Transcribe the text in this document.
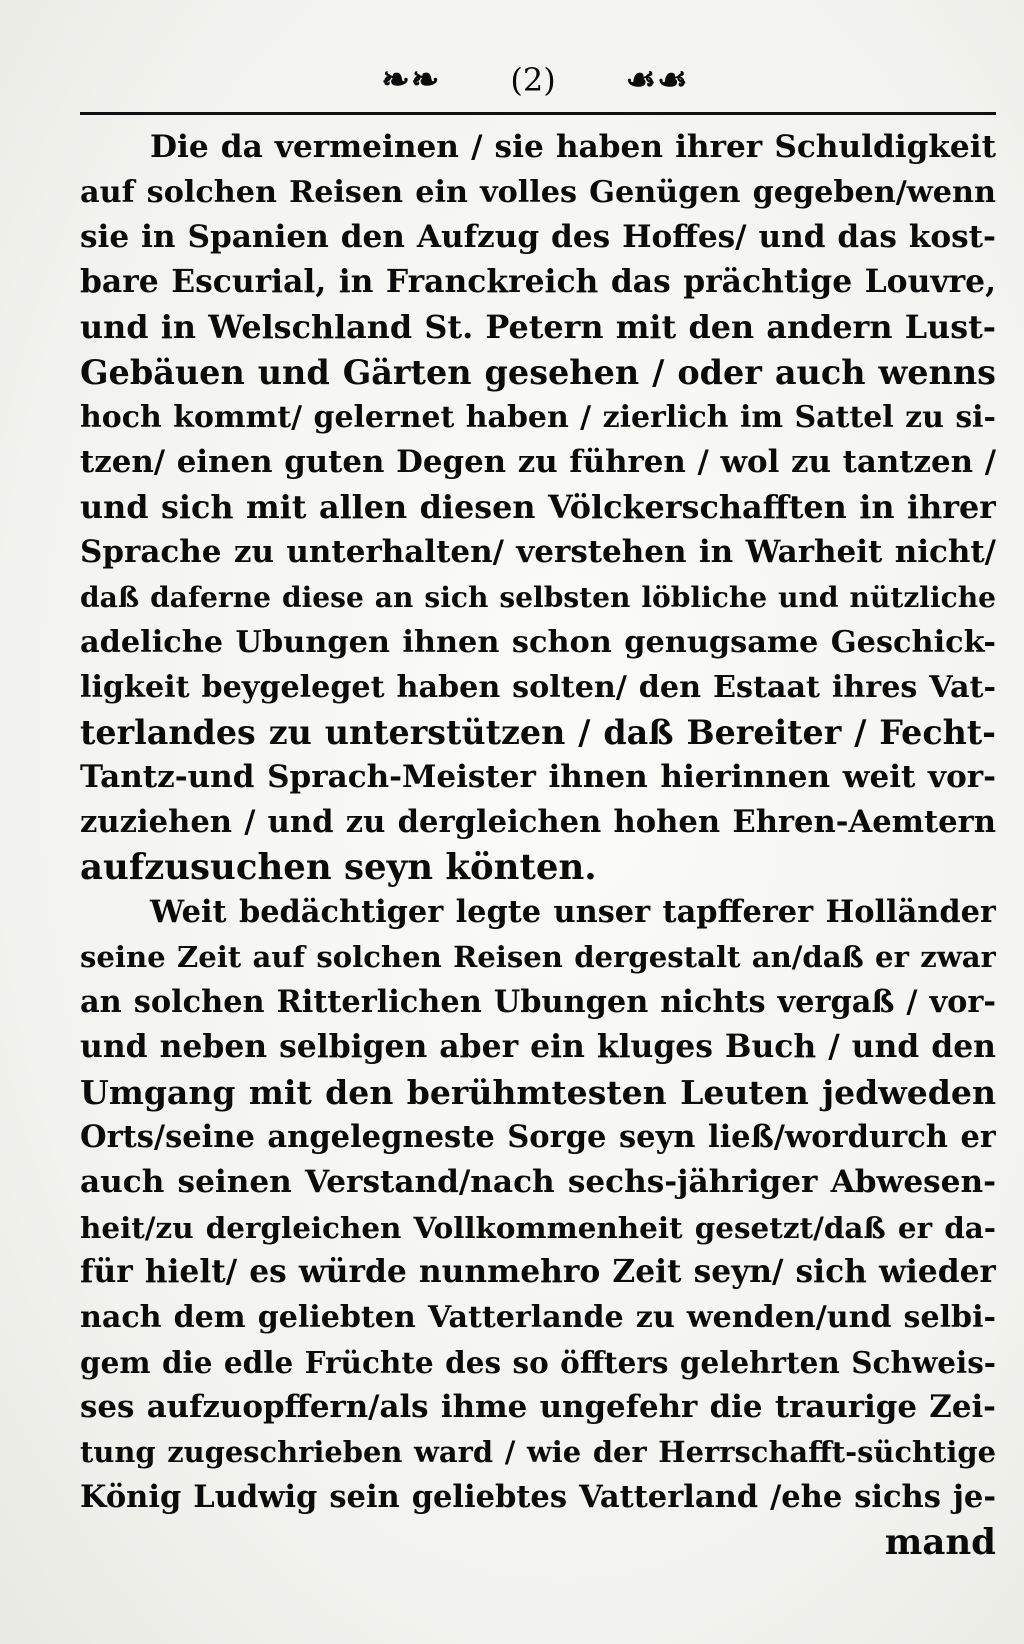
❧❧ (2) ☙☙
Die da vermeinen / sie haben ihrer Schuldigkeit
auf solchen Reisen ein volles Genügen gegeben/wenn
sie in Spanien den Aufzug des Hoffes/ und das kost-
bare Escurial, in Franckreich das prächtige Louvre,
und in Welschland St. Petern mit den andern Lust-
Gebäuen und Gärten gesehen / oder auch wenns
hoch kommt/ gelernet haben / zierlich im Sattel zu si-
tzen/ einen guten Degen zu führen / wol zu tantzen /
und sich mit allen diesen Völckerschafften in ihrer
Sprache zu unterhalten/ verstehen in Warheit nicht/
daß daferne diese an sich selbsten löbliche und nützliche
adeliche Ubungen ihnen schon genugsame Geschick-
ligkeit beygeleget haben solten/ den Estaat ihres Vat-
terlandes zu unterstützen / daß Bereiter / Fecht-
Tantz-und Sprach-Meister ihnen hierinnen weit vor-
zuziehen / und zu dergleichen hohen Ehren-Aemtern
aufzusuchen seyn könten.
Weit bedächtiger legte unser tapfferer Holländer
seine Zeit auf solchen Reisen dergestalt an/daß er zwar
an solchen Ritterlichen Ubungen nichts vergaß / vor-
und neben selbigen aber ein kluges Buch / und den
Umgang mit den berühmtesten Leuten jedweden
Orts/seine angelegneste Sorge seyn ließ/wordurch er
auch seinen Verstand/nach sechs-jähriger Abwesen-
heit/zu dergleichen Vollkommenheit gesetzt/daß er da-
für hielt/ es würde nunmehro Zeit seyn/ sich wieder
nach dem geliebten Vatterlande zu wenden/und selbi-
gem die edle Früchte des so öffters gelehrten Schweis-
ses aufzuopffern/als ihme ungefehr die traurige Zei-
tung zugeschrieben ward / wie der Herrschafft-süchtige
König Ludwig sein geliebtes Vatterland /ehe sichs je-
mand
